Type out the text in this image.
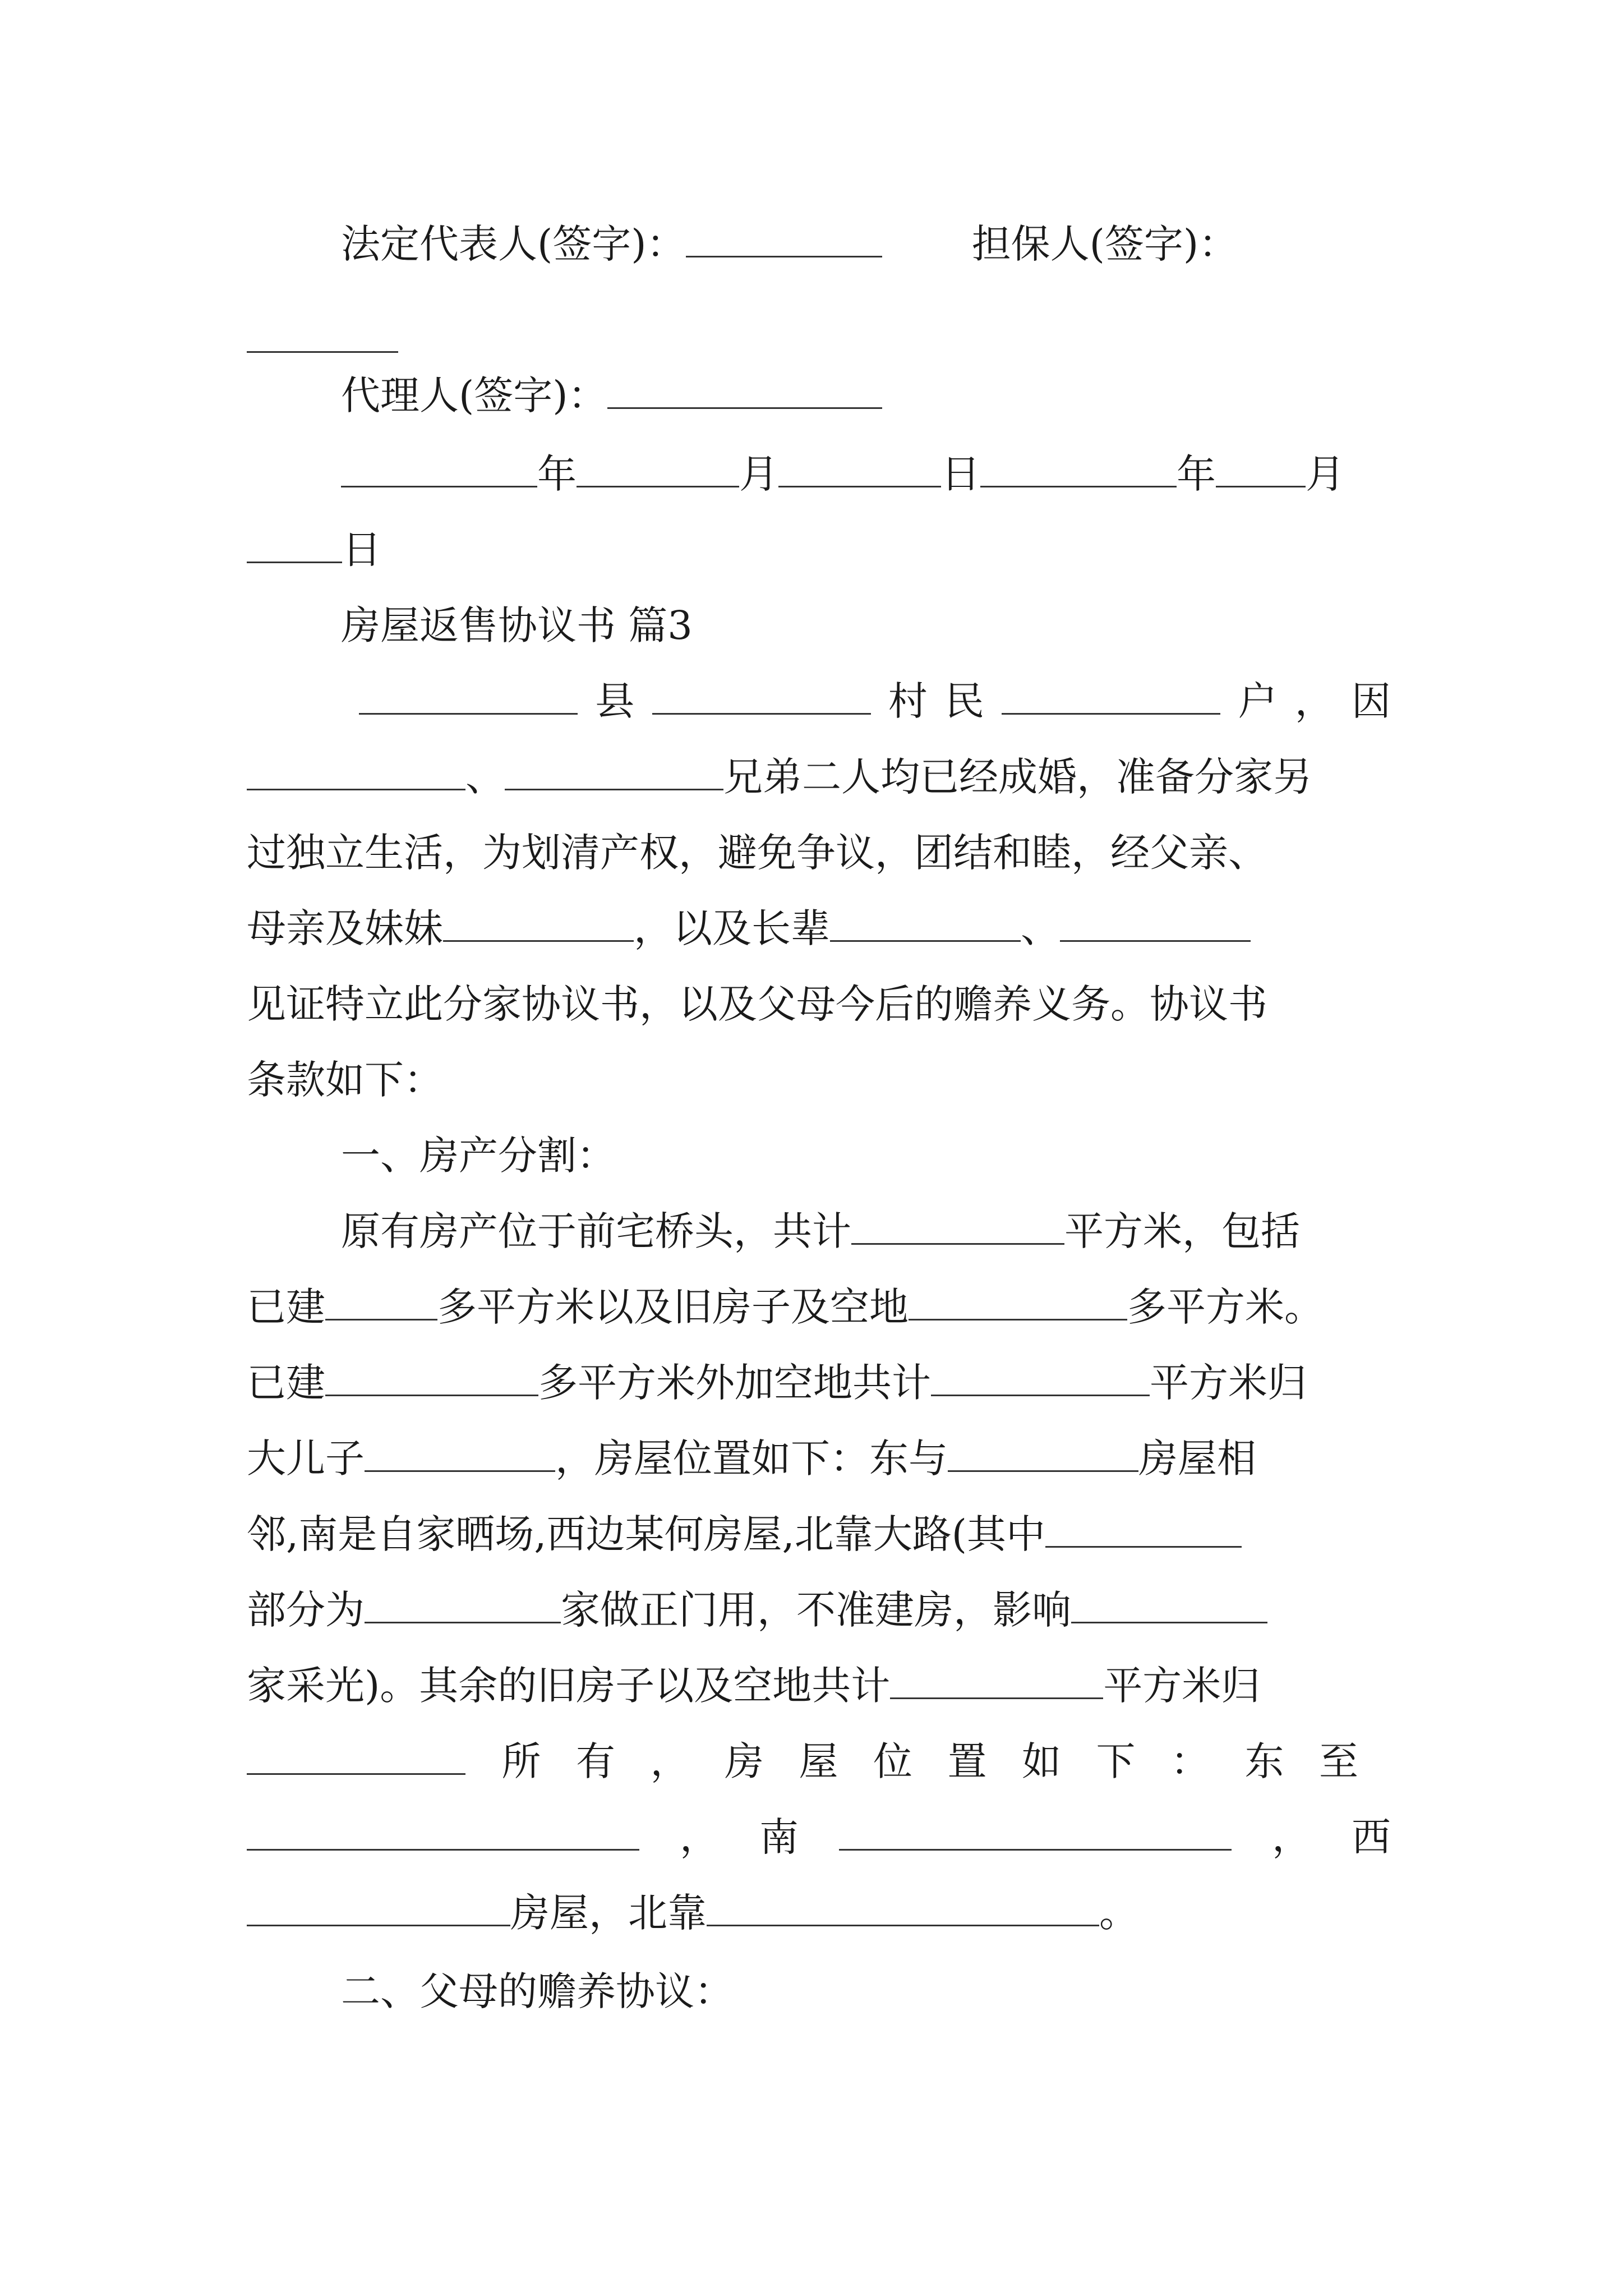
法定代表人(签字)：	担保人(签字)：
代理人(签字)：
年	月	日	年 月
日
房屋返售协议书 篇3
县	村民	户，因
、	兄弟二人均已经成婚，准备分家另
过独立生活，为划清产权，避免争议，团结和睦，经父亲、
母亲及妹妹	，以及长辈	、
见证特立此分家协议书，以及父母今后的赡养义务。协议书
条款如下：
一、房产分割：
原有房产位于前宅桥头，共计	平方米，包括
已建	多平方米以及旧房子及空地	多平方米。
已建	多平方米外加空地共计	平方米归
大儿子	，房屋位置如下：东与	房屋相
邻,南是自家晒场,西边某何房屋,北靠大路(其中
部分为	家做正门用，不准建房，影响
家采光)。其余的旧房子以及空地共计	平方米归
所有，房屋位置如下：东至
，南	，西
房屋，北靠	。
二、父母的赡养协议：
